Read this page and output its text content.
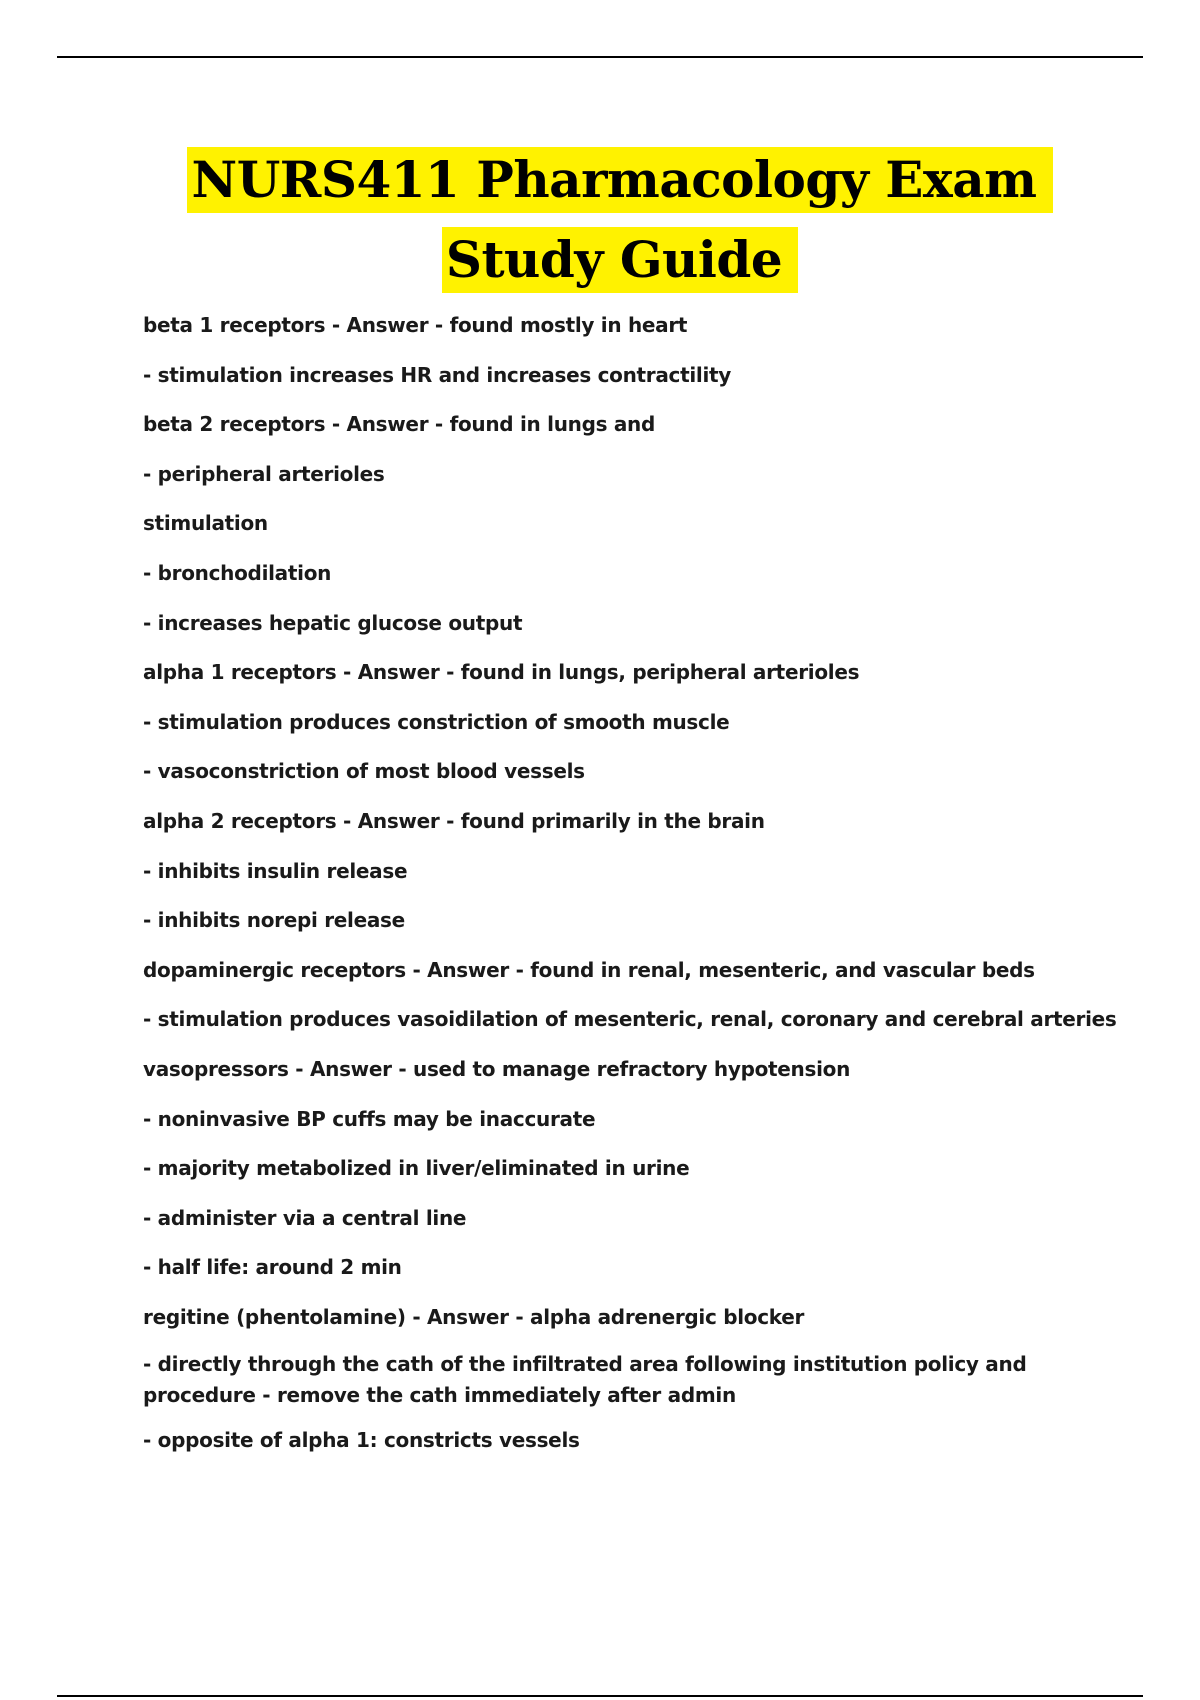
NURS411 Pharmacology Exam
Study Guide
beta 1 receptors - Answer - found mostly in heart
- stimulation increases HR and increases contractility
beta 2 receptors - Answer - found in lungs and
- peripheral arterioles
stimulation
- bronchodilation
- increases hepatic glucose output
alpha 1 receptors - Answer - found in lungs, peripheral arterioles
- stimulation produces constriction of smooth muscle
- vasoconstriction of most blood vessels
alpha 2 receptors - Answer - found primarily in the brain
- inhibits insulin release
- inhibits norepi release
dopaminergic receptors - Answer - found in renal, mesenteric, and vascular beds
- stimulation produces vasoidilation of mesenteric, renal, coronary and cerebral arteries
vasopressors - Answer - used to manage refractory hypotension
- noninvasive BP cuffs may be inaccurate
- majority metabolized in liver/eliminated in urine
- administer via a central line
- half life: around 2 min
regitine (phentolamine) - Answer - alpha adrenergic blocker
- directly through the cath of the infiltrated area following institution policy and procedure - remove the cath immediately after admin
- opposite of alpha 1: constricts vessels
